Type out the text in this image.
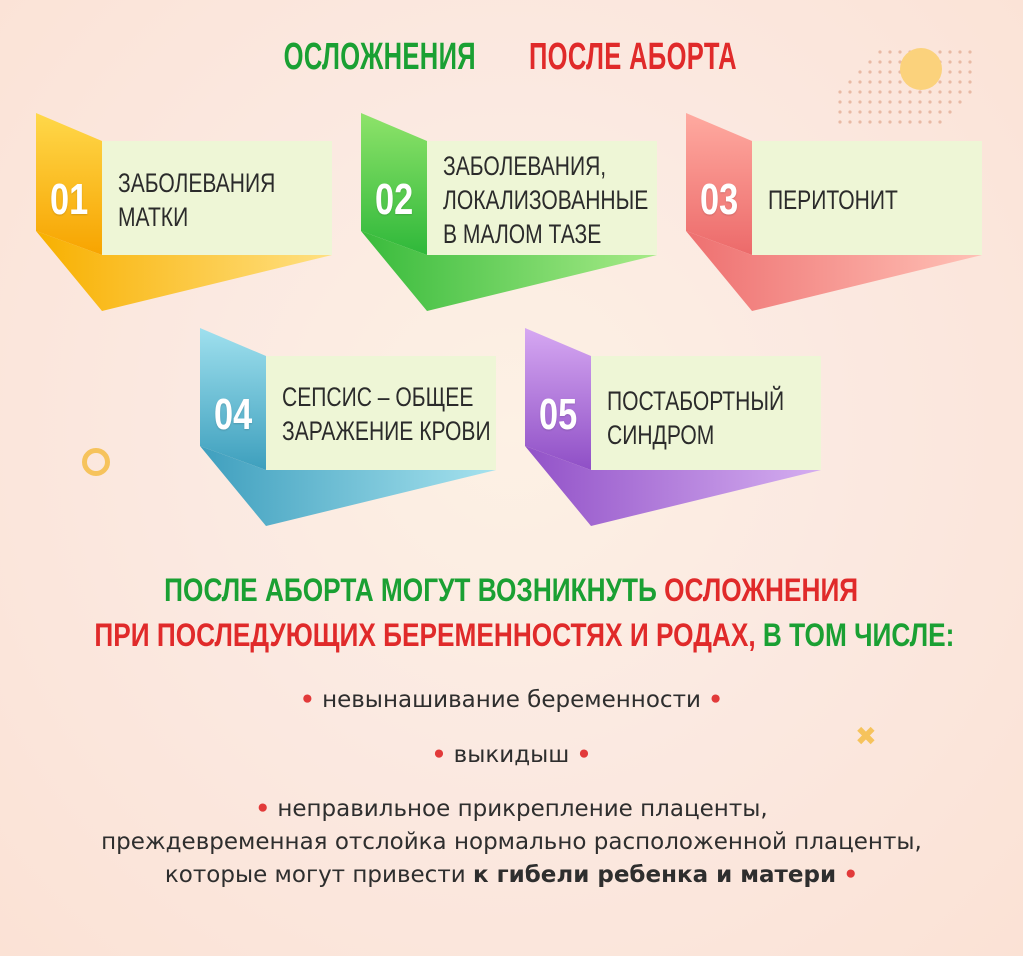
✖
ОСЛОЖНЕНИЯ ПОСЛЕ АБОРТА
01 ЗАБОЛЕВАНИЯ
МАТКИ	02
ЗАБОЛЕВАНИЯ,
ЛОКАЛИЗОВАННЫЕ
В МАЛОМ ТАЗЕ
03 ПЕРИТОНИТ
04 СЕПСИС – ОБЩЕЕ
ЗАРАЖЕНИЕ КРОВИ 05 ПОСТАБОРТНЫЙ
СИНДРОМ
ПОСЛЕ АБОРТА МОГУТ ВОЗНИКНУТЬ ОСЛОЖНЕНИЯ
ПРИ ПОСЛЕДУЮЩИХ БЕРЕМЕННОСТЯХ И РОДАХ, В ТОМ ЧИСЛЕ:
• невынашивание беременности •
• выкидыш •
• неправильное прикрепление плаценты,
преждевременная отслойка нормально расположенной плаценты,
которые могут привести к гибели ребенка и матери •
